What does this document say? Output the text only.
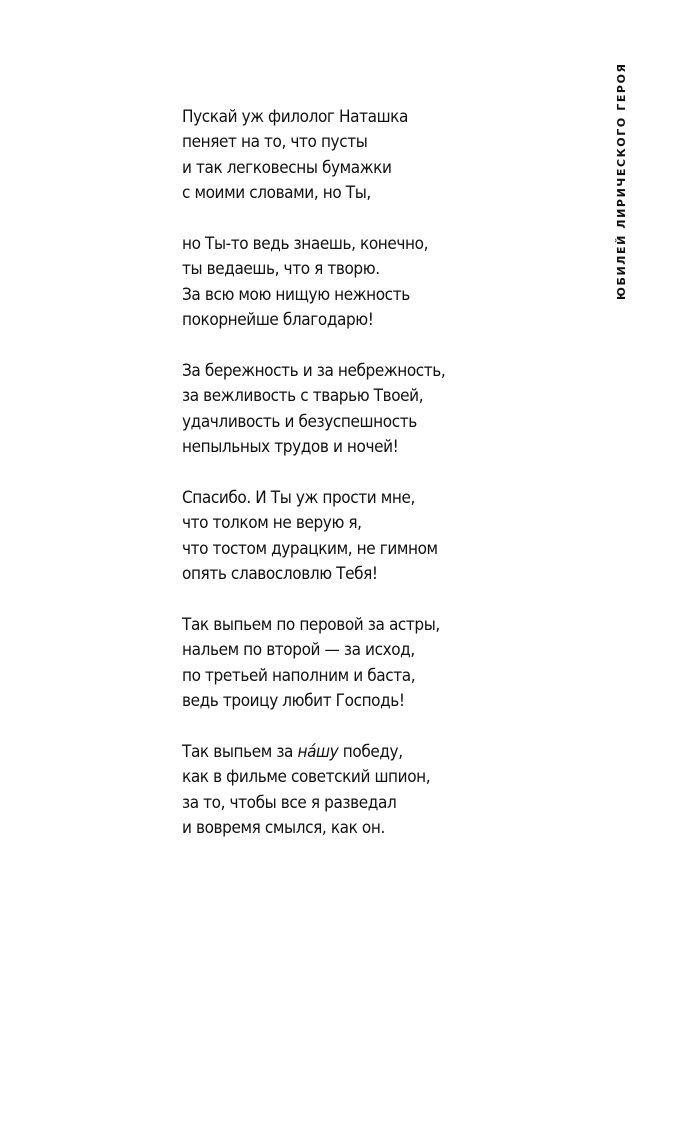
ЮБИЛЕЙ ЛИРИЧЕСКОГО ГЕРОЯ
Пускай уж филолог Наташка
пеняет на то, что пусты
и так легковесны бумажки
с моими словами, но Ты,
но Ты-то ведь знаешь, конечно,
ты ведаешь, что я творю.
За всю мою нищую нежность
покорнейше благодарю!
За бережность и за небрежность,
за вежливость с тварью Твоей,
удачливость и безуспешность
непыльных трудов и ночей!
Спасибо. И Ты уж прости мне,
что толком не верую я,
что тостом дурацким, не гимном
опять славословлю Тебя!
Так выпьем по перовой за астры,
нальем по второй — за исход,
по третьей наполним и баста,
ведь троицу любит Господь!
Так выпьем за нáшу победу,
как в фильме советский шпион,
за то, чтобы все я разведал
и вовремя смылся, как он.
